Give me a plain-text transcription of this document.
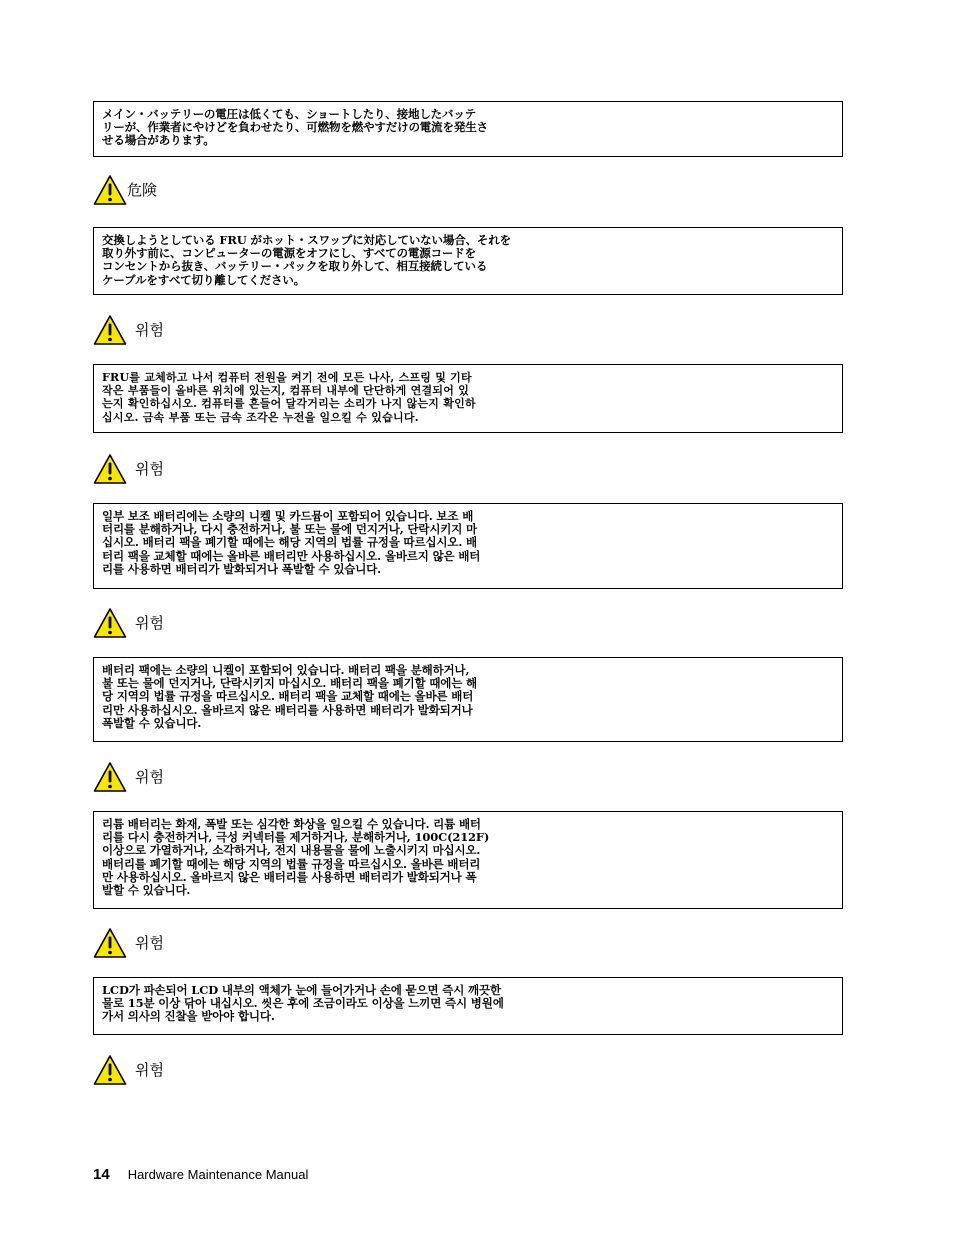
メイン・バッテリーの電圧は低くても、ショートしたり、接地したバッテ
リーが、作業者にやけどを負わせたり、可燃物を燃やすだけの電流を発生さ
せる場合があります。

危険

交換しようとしている FRU がホット・スワップに対応していない場合、それを
取り外す前に、コンピューターの電源をオフにし、すべての電源コードを
コンセントから抜き、バッテリー・パックを取り外して、相互接続している
ケーブルをすべて切り離してください。

위험

FRU를 교체하고 나서 컴퓨터 전원을 켜기 전에 모든 나사, 스프링 및 기타
작은 부품들이 올바른 위치에 있는지, 컴퓨터 내부에 단단하게 연결되어 있
는지 확인하십시오. 컴퓨터를 흔들어 달각거리는 소리가 나지 않는지 확인하
십시오. 금속 부품 또는 금속 조각은 누전을 일으킬 수 있습니다.

위험

일부 보조 배터리에는 소량의 니켈 및 카드뮴이 포함되어 있습니다. 보조 배
터리를 분해하거나, 다시 충전하거나, 불 또는 물에 던지거나, 단락시키지 마
십시오. 배터리 팩을 폐기할 때에는 해당 지역의 법률 규정을 따르십시오. 배
터리 팩을 교체할 때에는 올바른 배터리만 사용하십시오. 올바르지 않은 배터
리를 사용하면 배터리가 발화되거나 폭발할 수 있습니다.

위험

배터리 팩에는 소량의 니켈이 포함되어 있습니다. 배터리 팩을 분해하거나,
불 또는 물에 던지거나, 단락시키지 마십시오. 배터리 팩을 폐기할 때에는 해
당 지역의 법률 규정을 따르십시오. 배터리 팩을 교체할 때에는 올바른 배터
리만 사용하십시오. 올바르지 않은 배터리를 사용하면 배터리가 발화되거나
폭발할 수 있습니다.

위험

리튬 배터리는 화재, 폭발 또는 심각한 화상을 일으킬 수 있습니다. 리튬 배터
리를 다시 충전하거나, 극성 커넥터를 제거하거나, 분해하거나, 100C(212F)
이상으로 가열하거나, 소각하거나, 전지 내용물을 물에 노출시키지 마십시오.
배터리를 폐기할 때에는 해당 지역의 법률 규정을 따르십시오. 올바른 배터리
만 사용하십시오. 올바르지 않은 배터리를 사용하면 배터리가 발화되거나 폭
발할 수 있습니다.

위험

LCD가 파손되어 LCD 내부의 액체가 눈에 들어가거나 손에 묻으면 즉시 깨끗한
물로 15분 이상 닦아 내십시오. 씻은 후에 조금이라도 이상을 느끼면 즉시 병원에
가서 의사의 진찰을 받아야 합니다.

위험
14 Hardware Maintenance Manual
